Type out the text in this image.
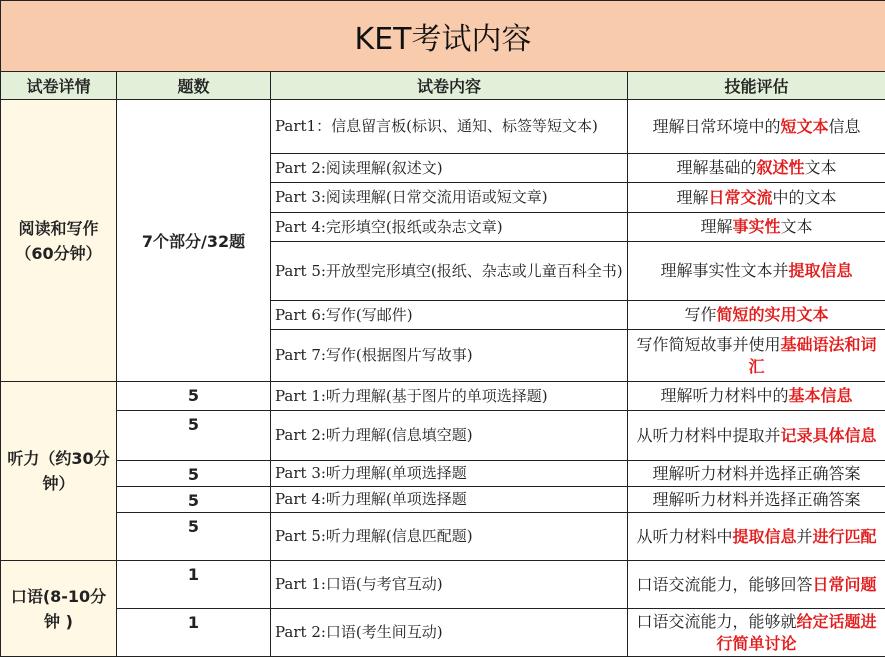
KET考试内容			
试卷详情	题数	试卷内容	技能评估
阅读和写作（60分钟）	7个部分/32题	Part1：信息留言板(标识、通知、标签等短文本)	理解日常环境中的短文本信息
		Part 2:阅读理解(叙述文)	理解基础的叙述性文本
		Part 3:阅读理解(日常交流用语或短文章)	理解日常交流中的文本
		Part 4:完形填空(报纸或杂志文章)	理解事实性文本
		Part 5:开放型完形填空(报纸、杂志或儿童百科全书)	理解事实性文本并提取信息
		Part 6:写作(写邮件)	写作简短的实用文本
		Part 7:写作(根据图片写故事)	写作简短故事并使用基础语法和词汇
听力（约30分钟）	5	Part 1:听力理解(基于图片的单项选择题)	理解听力材料中的基本信息
	5	Part 2:听力理解(信息填空题)	从听力材料中提取并记录具体信息
	5	Part 3:听力理解(单项选择题	理解听力材料并选择正确答案
	5	Part 4:听力理解(单项选择题	理解听力材料并选择正确答案
	5	Part 5:听力理解(信息匹配题)	从听力材料中提取信息并进行匹配
口语(8-10分钟 )	1	Part 1:口语(与考官互动)	口语交流能力，能够回答日常问题
	1	Part 2:口语(考生间互动)	口语交流能力，能够就给定话题进行简单讨论
